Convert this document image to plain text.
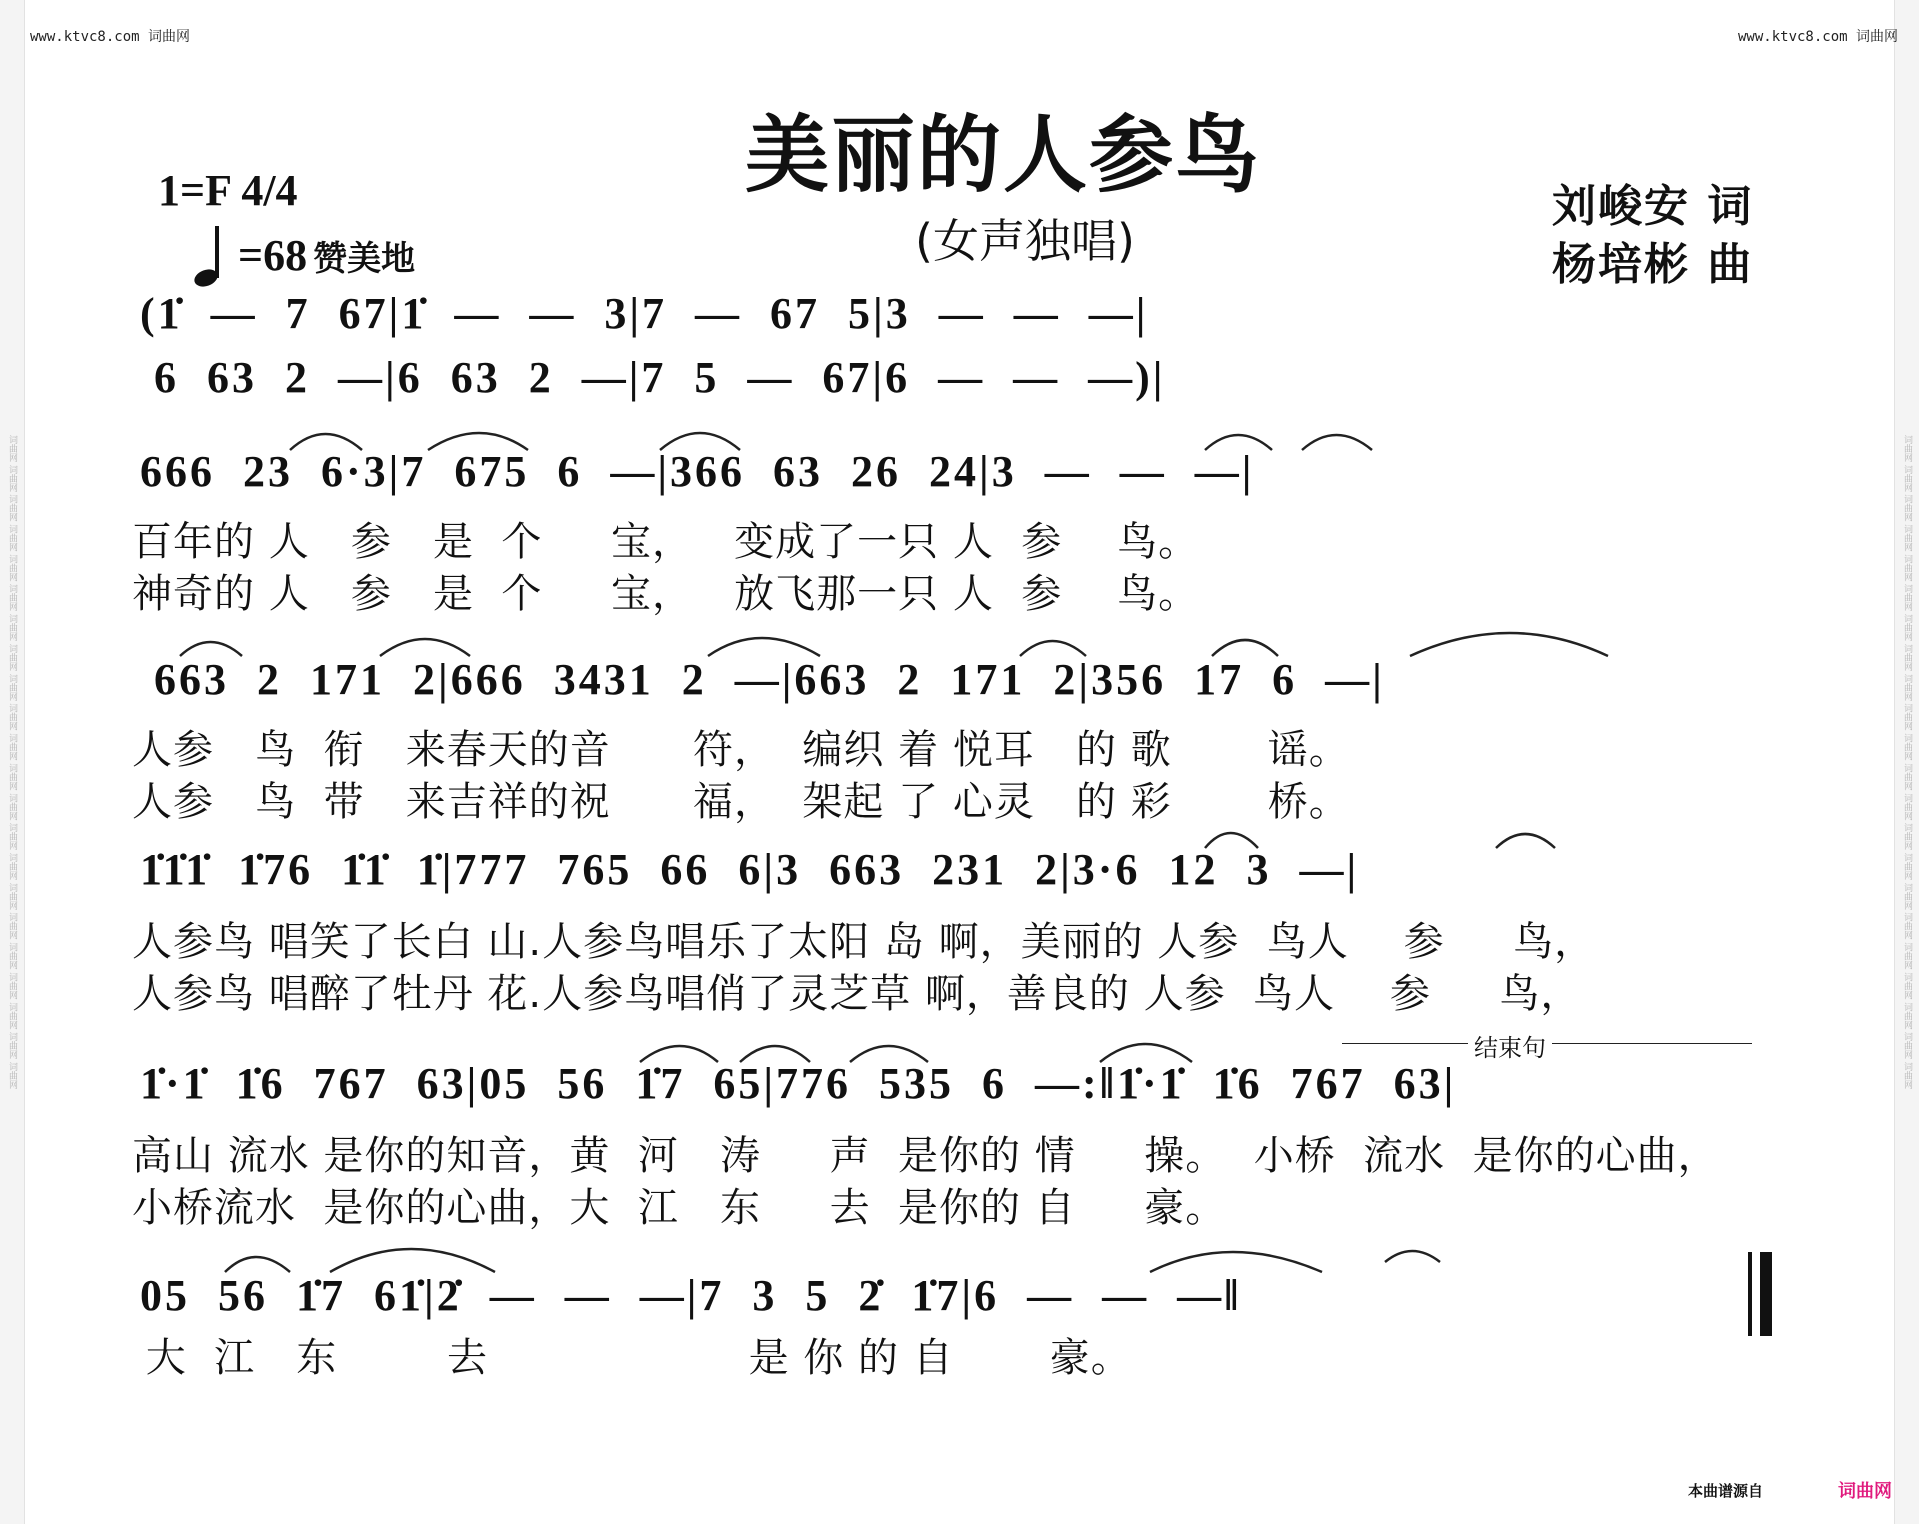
词曲网 词曲网 词曲网 词曲网 词曲网 词曲网 词曲网 词曲网 词曲网 词曲网 词曲网 词曲网 词曲网 词曲网 词曲网 词曲网 词曲网 词曲网 词曲网 词曲网 词曲网 词曲网	词曲网 词曲网 词曲网 词曲网 词曲网 词曲网 词曲网 词曲网 词曲网 词曲网 词曲网 词曲网 词曲网 词曲网 词曲网 词曲网 词曲网 词曲网 词曲网 词曲网 词曲网 词曲网
www.ktvc8.com 词曲网	www.ktvc8.com 词曲网
美丽的人参鸟
(女声独唱)
1=F 4/4
=68 赞美地
刘峻安 词
杨培彬 曲
(1̇  —  7  67|1̇  —  —  3|7  —  67  5|3  —  —  —|
6  63  2  —|6  63  2  —|7  5  —  67|6  —  —  —)|
666  23  6·3|7  675  6  —|366  63  26  24|3  —  —  —|
百年的 人   参   是  个     宝，   变成了一只 人  参    鸟。
神奇的 人   参   是  个     宝，   放飞那一只 人  参    鸟。
663  2  171  2|666  3431  2  —|663  2  171  2|356  17  6  —|
人参   鸟  衔   来春天的音      符，  编织 着 悦耳   的 歌       谣。
人参   鸟  带   来吉祥的祝      福，  架起 了 心灵   的 彩       桥。
1̇1̇1̇  1̇76  1̇1̇  1̇|777  765  66  6|3  663  231  2|3·6  12  3  —|
人参鸟 唱笑了长白 山.人参鸟唱乐了太阳 岛 啊，美丽的 人参  鸟人    参     鸟，
人参鸟 唱醉了牡丹 花.人参鸟唱俏了灵芝草 啊，善良的 人参  鸟人    参     鸟，
结束句
1̇·1̇  1̇6  767  63|05  56  1̇7  65|776  535  6  —:‖1̇·1̇  1̇6  767  63|
高山 流水 是你的知音，黄  河   涛     声  是你的 情     操。  小桥  流水  是你的心曲，
小桥流水  是你的心曲，大  江   东     去  是你的 自     豪。
05  56  1̇7  61̇|2̇  —  —  —|7  3  5  2̇  1̇7|6  —  —  —‖
大  江   东        去                   是 你 的 自       豪。
本曲谱源自	词曲网
